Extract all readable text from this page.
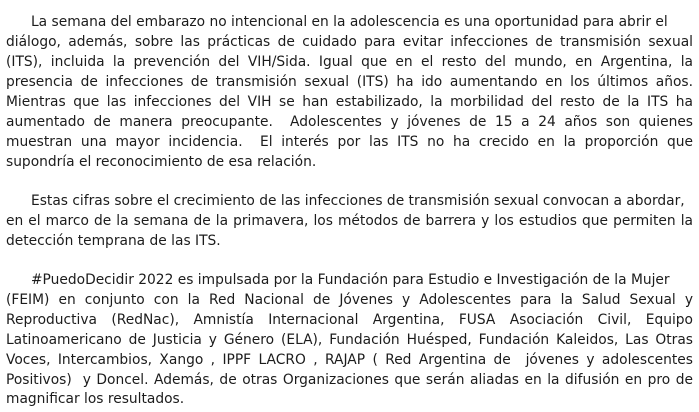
La semana del embarazo no intencional en la adolescencia es una oportunidad para abrir el
diálogo, además, sobre las prácticas de cuidado para evitar infecciones de transmisión sexual
(ITS), incluida la prevención del VIH/Sida. Igual que en el resto del mundo, en Argentina, la
presencia de infecciones de transmisión sexual (ITS) ha ido aumentando en los últimos años.
Mientras que las infecciones del VIH se han estabilizado, la morbilidad del resto de la ITS ha
aumentado de manera preocupante.  Adolescentes y jóvenes de 15 a 24 años son quienes
muestran una mayor incidencia.  El interés por las ITS no ha crecido en la proporción que
supondría el reconocimiento de esa relación.
Estas cifras sobre el crecimiento de las infecciones de transmisión sexual convocan a abordar,
en el marco de la semana de la primavera, los métodos de barrera y los estudios que permiten la
detección temprana de las ITS.
#PuedoDecidir 2022 es impulsada por la Fundación para Estudio e Investigación de la Mujer
(FEIM) en conjunto con la Red Nacional de Jóvenes y Adolescentes para la Salud Sexual y
Reproductiva (RedNac), Amnistía Internacional Argentina, FUSA Asociación Civil, Equipo
Latinoamericano de Justicia y Género (ELA), Fundación Huésped, Fundación Kaleidos, Las Otras
Voces, Intercambios, Xango , IPPF LACRO , RAJAP ( Red Argentina de  jóvenes y adolescentes
Positivos)  y Doncel. Además, de otras Organizaciones que serán aliadas en la difusión en pro de
magnificar los resultados.
